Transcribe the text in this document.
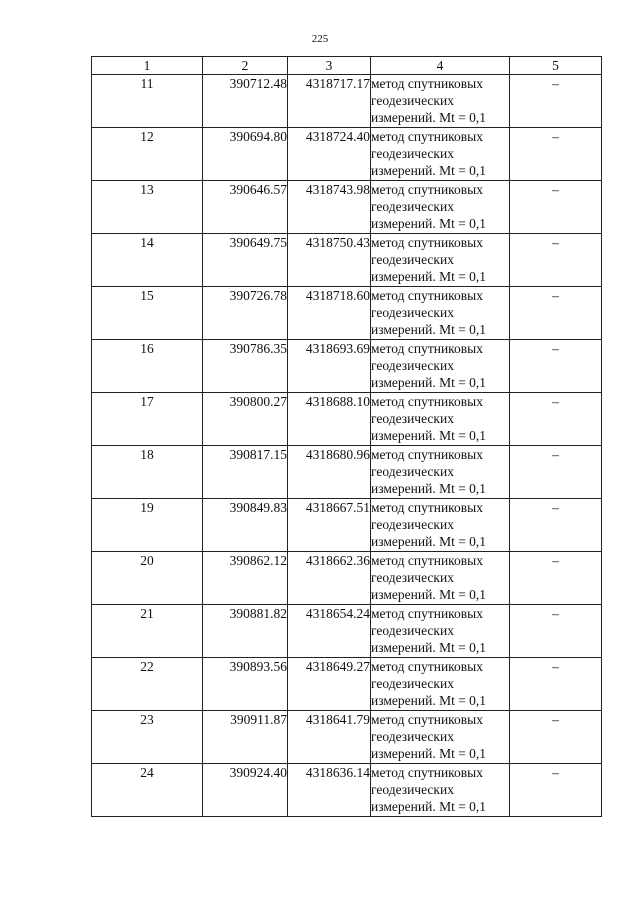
225
1	2	3	4	5
11	390712.48	4318717.17	метод спутниковых
геодезических
измерений. Mt = 0,1	–
12	390694.80	4318724.40	метод спутниковых
геодезических
измерений. Mt = 0,1	–
13	390646.57	4318743.98	метод спутниковых
геодезических
измерений. Mt = 0,1	–
14	390649.75	4318750.43	метод спутниковых
геодезических
измерений. Mt = 0,1	–
15	390726.78	4318718.60	метод спутниковых
геодезических
измерений. Mt = 0,1	–
16	390786.35	4318693.69	метод спутниковых
геодезических
измерений. Mt = 0,1	–
17	390800.27	4318688.10	метод спутниковых
геодезических
измерений. Mt = 0,1	–
18	390817.15	4318680.96	метод спутниковых
геодезических
измерений. Mt = 0,1	–
19	390849.83	4318667.51	метод спутниковых
геодезических
измерений. Mt = 0,1	–
20	390862.12	4318662.36	метод спутниковых
геодезических
измерений. Mt = 0,1	–
21	390881.82	4318654.24	метод спутниковых
геодезических
измерений. Mt = 0,1	–
22	390893.56	4318649.27	метод спутниковых
геодезических
измерений. Mt = 0,1	–
23	390911.87	4318641.79	метод спутниковых
геодезических
измерений. Mt = 0,1	–
24	390924.40	4318636.14	метод спутниковых
геодезических
измерений. Mt = 0,1	–
